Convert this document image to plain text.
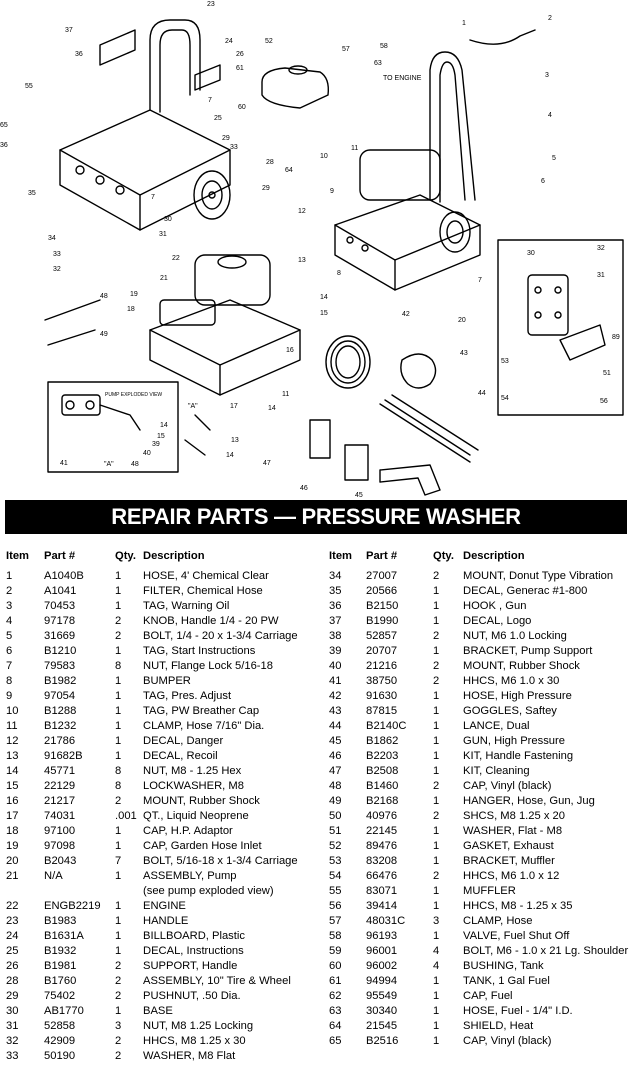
2
1
3
4
5
6
23
24
26
52
57	58
63
7
25
29
28
29
12
13
14
15
16
11
14
13
14
42
43
44
47
46
45
17
37
36
55
65
36
35
34
33
32
31
30
7
33
61
60
64
10
11
9
8
7
20
30
32
31
89
53
51
54	56
22
21
19
18
48
49
14
15
39
40
41	48
"A"
"A"
TO ENGINE
PUMP EXPLODED VIEW
REPAIR PARTS — PRESSURE WASHER
Item Part #	Qty. Description
1	A1040B	1 HOSE, 4' Chemical Clear
2	A1041	1 FILTER, Chemical Hose
3	70453	1 TAG, Warning Oil
4	97178	2 KNOB, Handle 1/4 - 20 PW
5	31669	2 BOLT, 1/4 - 20 x 1-3/4 Carriage
6	B1210	1 TAG, Start Instructions
7	79583	8 NUT, Flange Lock 5/16-18
8	B1982	1 BUMPER
9	97054	1 TAG, Pres. Adjust
10 B1288	1 TAG, PW Breather Cap
11 B1232	1 CLAMP, Hose 7/16" Dia.
12 21786	1 DECAL, Danger
13 91682B	1 DECAL, Recoil
14 45771	8 NUT, M8 - 1.25 Hex
15 22129	8 LOCKWASHER, M8
16 21217	2 MOUNT, Rubber Shock
17 74031	.001 QT., Liquid Neoprene
18 97100	1 CAP, H.P. Adaptor
19 97098	1 CAP, Garden Hose Inlet
20 B2043	7 BOLT, 5/16-18 x 1-3/4 Carriage
21 N/A	1 ASSEMBLY, Pump
(see pump exploded view)
22 ENGB2219 1 ENGINE
23 B1983	1 HANDLE
24 B1631A	1 BILLBOARD, Plastic
25 B1932	1 DECAL, Instructions
26 B1981	2 SUPPORT, Handle
28 B1760	2 ASSEMBLY, 10" Tire & Wheel
29 75402	2 PUSHNUT, .50 Dia.
30 AB1770	1 BASE
31 52858	3 NUT, M8 1.25 Locking
32 42909	2 HHCS, M8 1.25 x 30
33 50190	2 WASHER, M8 Flat
Item Part #	Qty. Description
34 27007	2 MOUNT, Donut Type Vibration
35 20566	1 DECAL, Generac #1-800
36 B2150	1 HOOK , Gun
37 B1990	1 DECAL, Logo
38 52857	2 NUT, M6 1.0 Locking
39 20707	1 BRACKET, Pump Support
40 21216	2 MOUNT, Rubber Shock
41 38750	2 HHCS, M6 1.0 x 30
42 91630	1 HOSE, High Pressure
43 87815	1 GOGGLES, Saftey
44 B2140C 1 LANCE, Dual
45 B1862	1 GUN, High Pressure
46 B2203	1 KIT, Handle Fastening
47 B2508	1 KIT, Cleaning
48 B1460	2 CAP, Vinyl (black)
49 B2168	1 HANGER, Hose, Gun, Jug
50 40976	2 SHCS, M8 1.25 x 20
51 22145	1 WASHER, Flat - M8
52 89476	1 GASKET, Exhaust
53 83208	1 BRACKET, Muffler
54 66476	2 HHCS, M6 1.0 x 12
55 83071	1 MUFFLER
56 39414	1 HHCS, M8 - 1.25 x 35
57 48031C 3 CLAMP, Hose
58 96193	1 VALVE, Fuel Shut Off
59 96001	4 BOLT, M6 - 1.0 x 21 Lg. Shoulder
60 96002	4 BUSHING, Tank
61 94994	1 TANK, 1 Gal Fuel
62 95549	1 CAP, Fuel
63 30340	1 HOSE, Fuel - 1/4" I.D.
64 21545	1 SHIELD, Heat
65 B2516	1 CAP, Vinyl (black)
